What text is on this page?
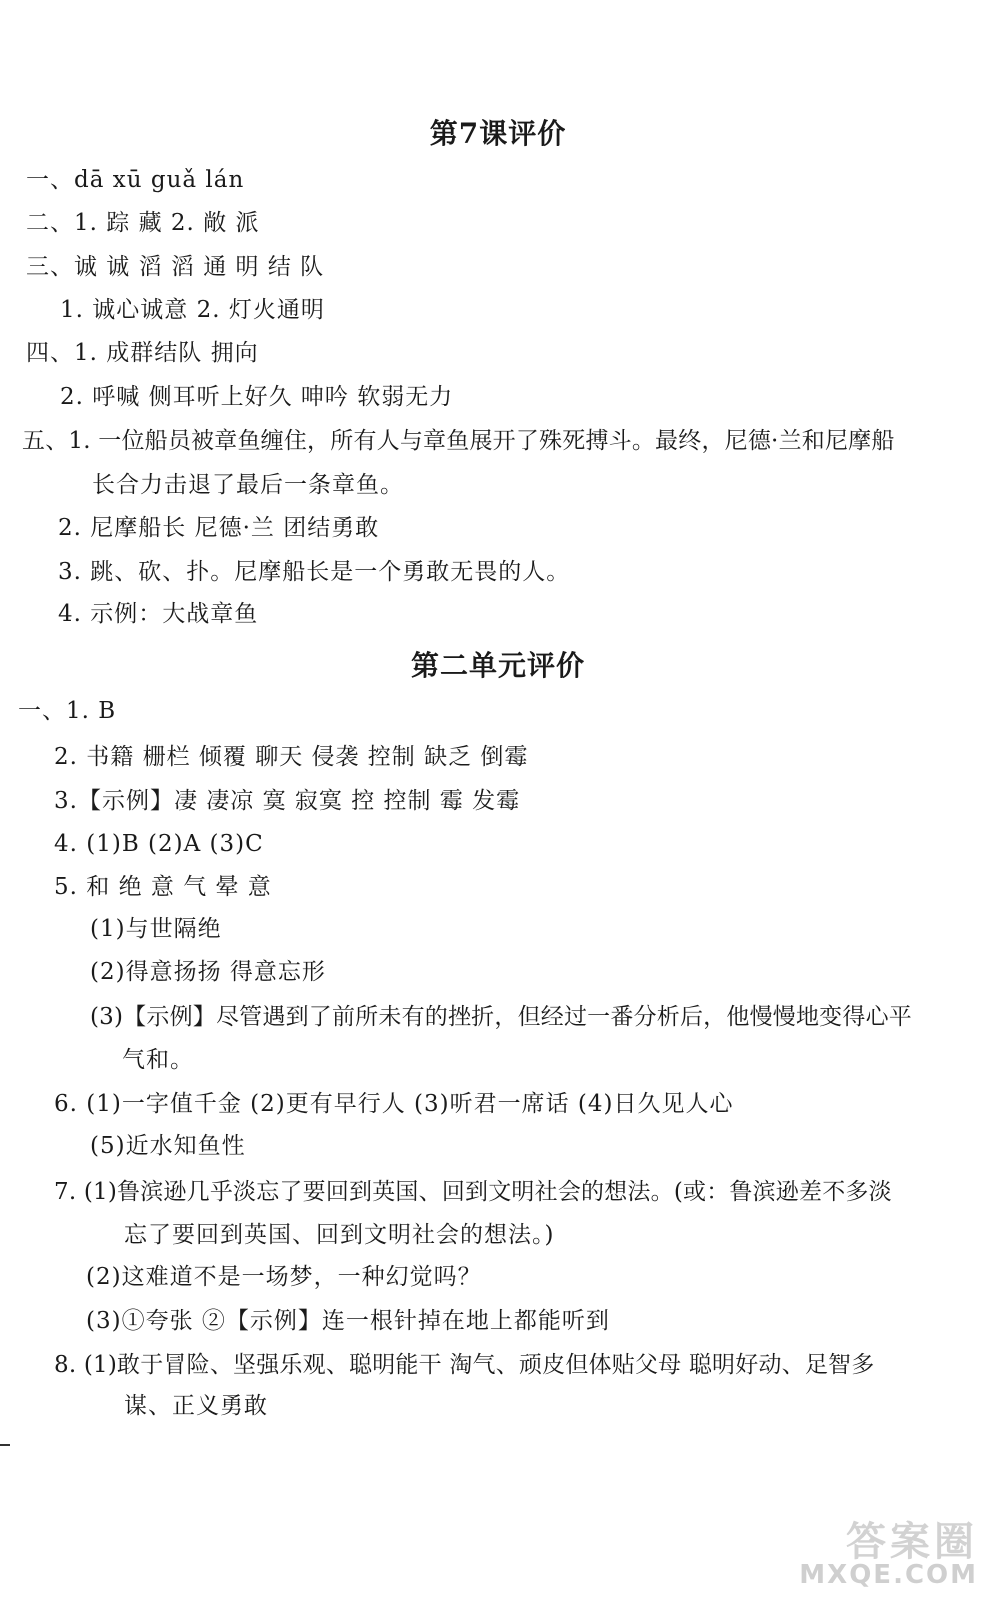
第7课评价
一、dā xū guǎ lán
二、1. 踪 藏 2. 敞 派
三、诚 诚 滔 滔 通 明 结 队
1. 诚心诚意 2. 灯火通明
四、1. 成群结队 拥向
2. 呼喊 侧耳听上好久 呻吟 软弱无力
五、1. 一位船员被章鱼缠住，所有人与章鱼展开了殊死搏斗。最终，尼德·兰和尼摩船
长合力击退了最后一条章鱼。
2. 尼摩船长 尼德·兰 团结勇敢
3. 跳、砍、扑。尼摩船长是一个勇敢无畏的人。
4. 示例：大战章鱼
第二单元评价
一、1. B
2. 书籍 栅栏 倾覆 聊天 侵袭 控制 缺乏 倒霉
3.【示例】凄 凄凉 寞 寂寞 控 控制 霉 发霉
4. (1)B (2)A (3)C
5. 和 绝 意 气 晕 意
(1)与世隔绝
(2)得意扬扬 得意忘形
(3)【示例】尽管遇到了前所未有的挫折，但经过一番分析后，他慢慢地变得心平
气和。
6. (1)一字值千金 (2)更有早行人 (3)听君一席话 (4)日久见人心
(5)近水知鱼性
7. (1)鲁滨逊几乎淡忘了要回到英国、回到文明社会的想法。(或：鲁滨逊差不多淡
忘了要回到英国、回到文明社会的想法。)
(2)这难道不是一场梦，一种幻觉吗？
(3)①夸张 ②【示例】连一根针掉在地上都能听到
8. (1)敢于冒险、坚强乐观、聪明能干 淘气、顽皮但体贴父母 聪明好动、足智多
谋、正义勇敢
答案圈
MXQE.COM
